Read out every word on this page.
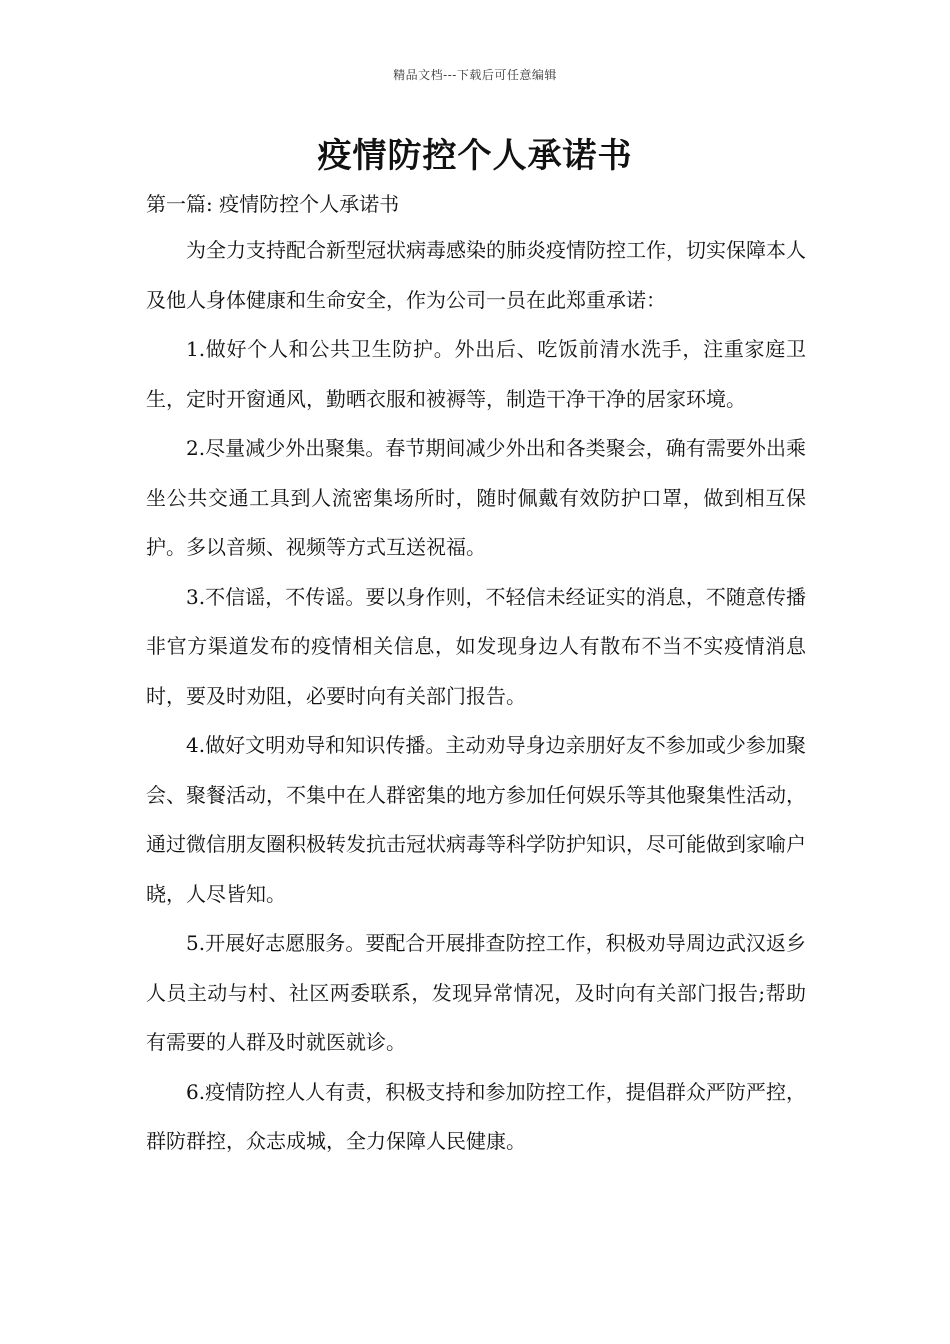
精品文档---下载后可任意编辑
疫情防控个人承诺书
第一篇: 疫情防控个人承诺书

为全力支持配合新型冠状病毒感染的肺炎疫情防控工作，切实保障本人及他人身体健康和生命安全，作为公司一员在此郑重承诺：

1.做好个人和公共卫生防护。外出后、吃饭前清水洗手，注重家庭卫生，定时开窗通风，勤晒衣服和被褥等，制造干净干净的居家环境。

2.尽量减少外出聚集。春节期间减少外出和各类聚会，确有需要外出乘坐公共交通工具到人流密集场所时，随时佩戴有效防护口罩，做到相互保护。多以音频、视频等方式互送祝福。

3.不信谣，不传谣。要以身作则，不轻信未经证实的消息，不随意传播非官方渠道发布的疫情相关信息，如发现身边人有散布不当不实疫情消息时，要及时劝阻，必要时向有关部门报告。

4.做好文明劝导和知识传播。主动劝导身边亲朋好友不参加或少参加聚会、聚餐活动，不集中在人群密集的地方参加任何娱乐等其他聚集性活动，通过微信朋友圈积极转发抗击冠状病毒等科学防护知识，尽可能做到家喻户晓，人尽皆知。

5.开展好志愿服务。要配合开展排查防控工作，积极劝导周边武汉返乡人员主动与村、社区两委联系，发现异常情况，及时向有关部门报告;帮助有需要的人群及时就医就诊。

6.疫情防控人人有责，积极支持和参加防控工作，提倡群众严防严控，群防群控，众志成城，全力保障人民健康。
